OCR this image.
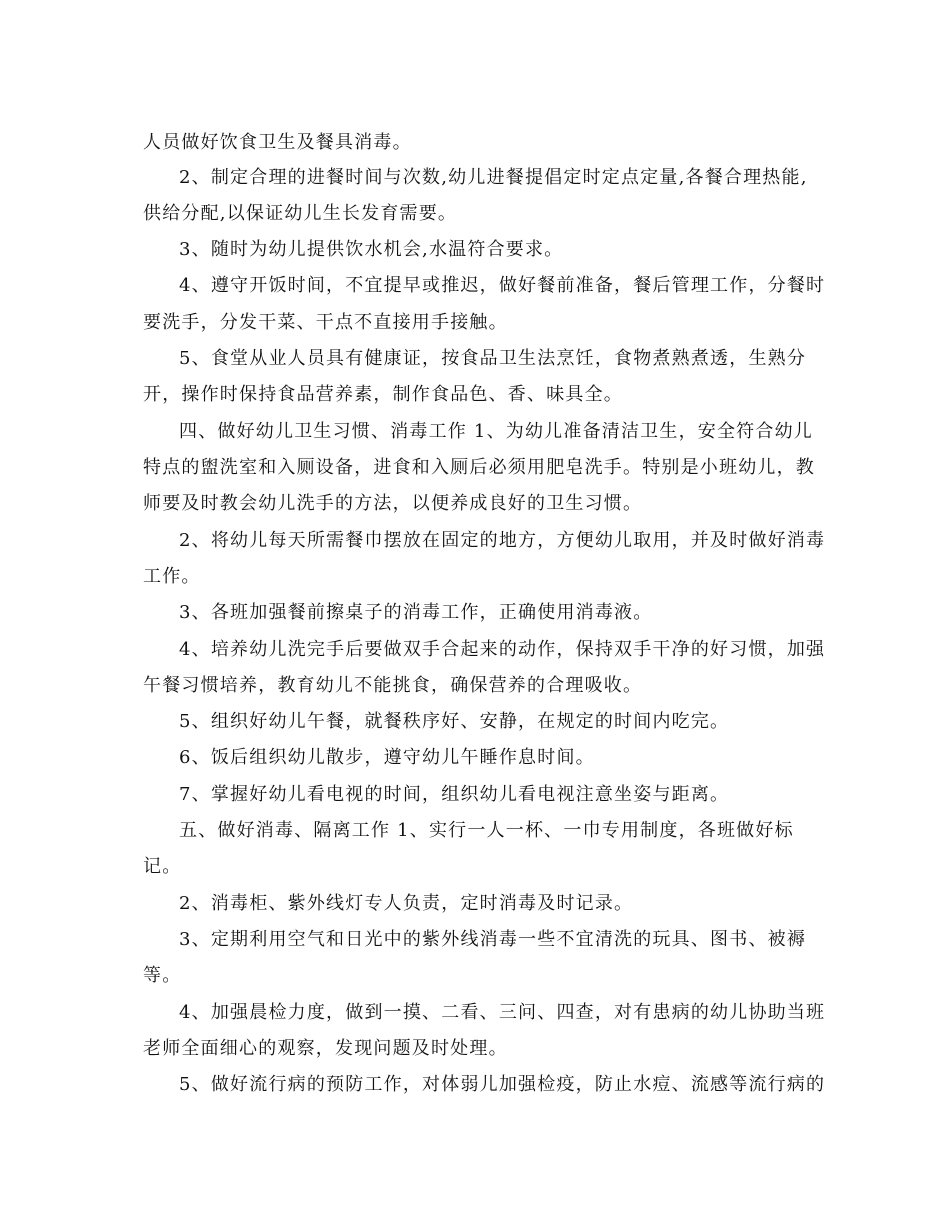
人员做好饮食卫生及餐具消毒。
2、制定合理的进餐时间与次数,幼儿进餐提倡定时定点定量,各餐合理热能,
供给分配,以保证幼儿生长发育需要。
3、随时为幼儿提供饮水机会,水温符合要求。
4、遵守开饭时间，不宜提早或推迟，做好餐前准备，餐后管理工作，分餐时
要洗手，分发干菜、干点不直接用手接触。
5、食堂从业人员具有健康证，按食品卫生法烹饪，食物煮熟煮透，生熟分
开，操作时保持食品营养素，制作食品色、香、味具全。
四、做好幼儿卫生习惯、消毒工作 1、为幼儿准备清洁卫生，安全符合幼儿
特点的盥洗室和入厕设备，进食和入厕后必须用肥皂洗手。特别是小班幼儿，教
师要及时教会幼儿洗手的方法，以便养成良好的卫生习惯。
2、将幼儿每天所需餐巾摆放在固定的地方，方便幼儿取用，并及时做好消毒
工作。
3、各班加强餐前擦桌子的消毒工作，正确使用消毒液。
4、培养幼儿洗完手后要做双手合起来的动作，保持双手干净的好习惯，加强
午餐习惯培养，教育幼儿不能挑食，确保营养的合理吸收。
5、组织好幼儿午餐，就餐秩序好、安静，在规定的时间内吃完。
6、饭后组织幼儿散步，遵守幼儿午睡作息时间。
7、掌握好幼儿看电视的时间，组织幼儿看电视注意坐姿与距离。
五、做好消毒、隔离工作 1、实行一人一杯、一巾专用制度，各班做好标
记。
2、消毒柜、紫外线灯专人负责，定时消毒及时记录。
3、定期利用空气和日光中的紫外线消毒一些不宜清洗的玩具、图书、被褥
等。
4、加强晨检力度，做到一摸、二看、三问、四查，对有患病的幼儿协助当班
老师全面细心的观察，发现问题及时处理。
5、做好流行病的预防工作，对体弱儿加强检疫，防止水痘、流感等流行病的
